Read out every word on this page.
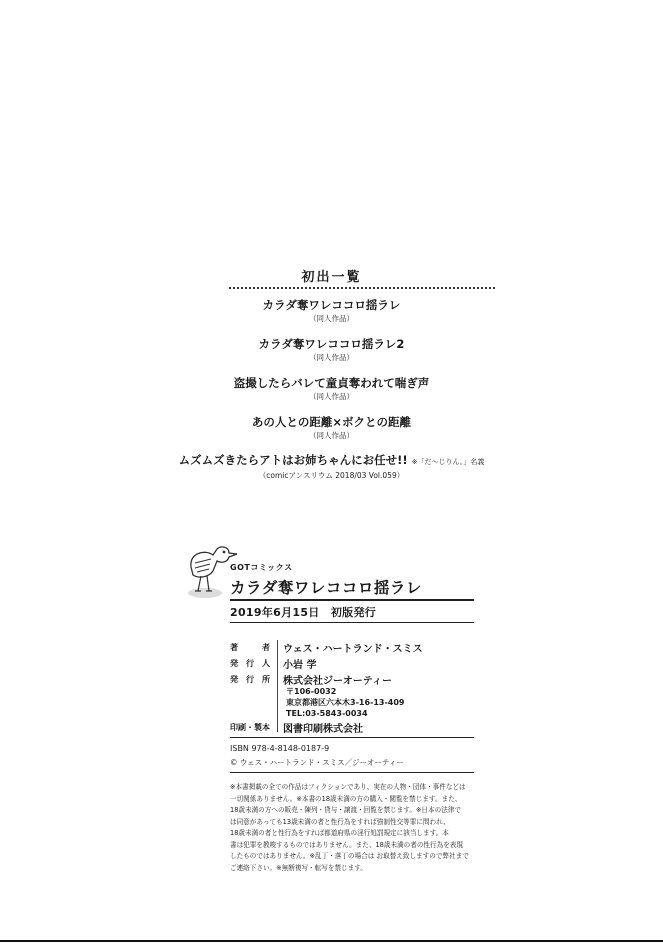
初出一覧
カラダ奪ワレココロ揺ラレ
（同人作品）
カラダ奪ワレココロ揺ラレ2
（同人作品）
盗撮したらバレて童貞奪われて喘ぎ声
（同人作品）
あの人との距離×ボクとの距離
（同人作品）
ムズムズきたらアトはお姉ちゃんにお任せ!! ※「だ〜じりん。」名義
（comicアンスリウム 2018/03 Vol.059）
GOTコミックス
カラダ奪ワレココロ揺ラレ
2019年6月15日　初版発行
著	者 ウェス・ハートランド・スミス
発 行 人 小岩 学
発 行 所 株式会社ジーオーティー
〒106-0032
東京都港区六本木3-16-13-409
TEL:03-5843-0034
印刷 ・ 製本 図書印刷株式会社
ISBN 978-4-8148-0187-9
© ウェス・ハートランド・スミス／ジーオーティー

※本書掲載の全ての作品はフィクションであり、実在の人物・団体・事件などは

一切関係ありません。※本書の18歳未満の方の購入・閲覧を禁じます。また、

18歳未満の方への販売・陳列・貸与・譲渡・回覧を禁じます。※日本の法律で

は同意があっても13歳未満の者と性行為をすれば強制性交等罪に問われ、

18歳未満の者と性行為をすれば都道府県の淫行処罰規定に該当します。本

書は犯罪を教唆するものではありません。また、18歳未満の者の性行為を表現

したものではありません。※乱丁・落丁の場合は お取替え致しますので弊社まで

ご連絡下さい。※無断複写・転写を禁じます。
